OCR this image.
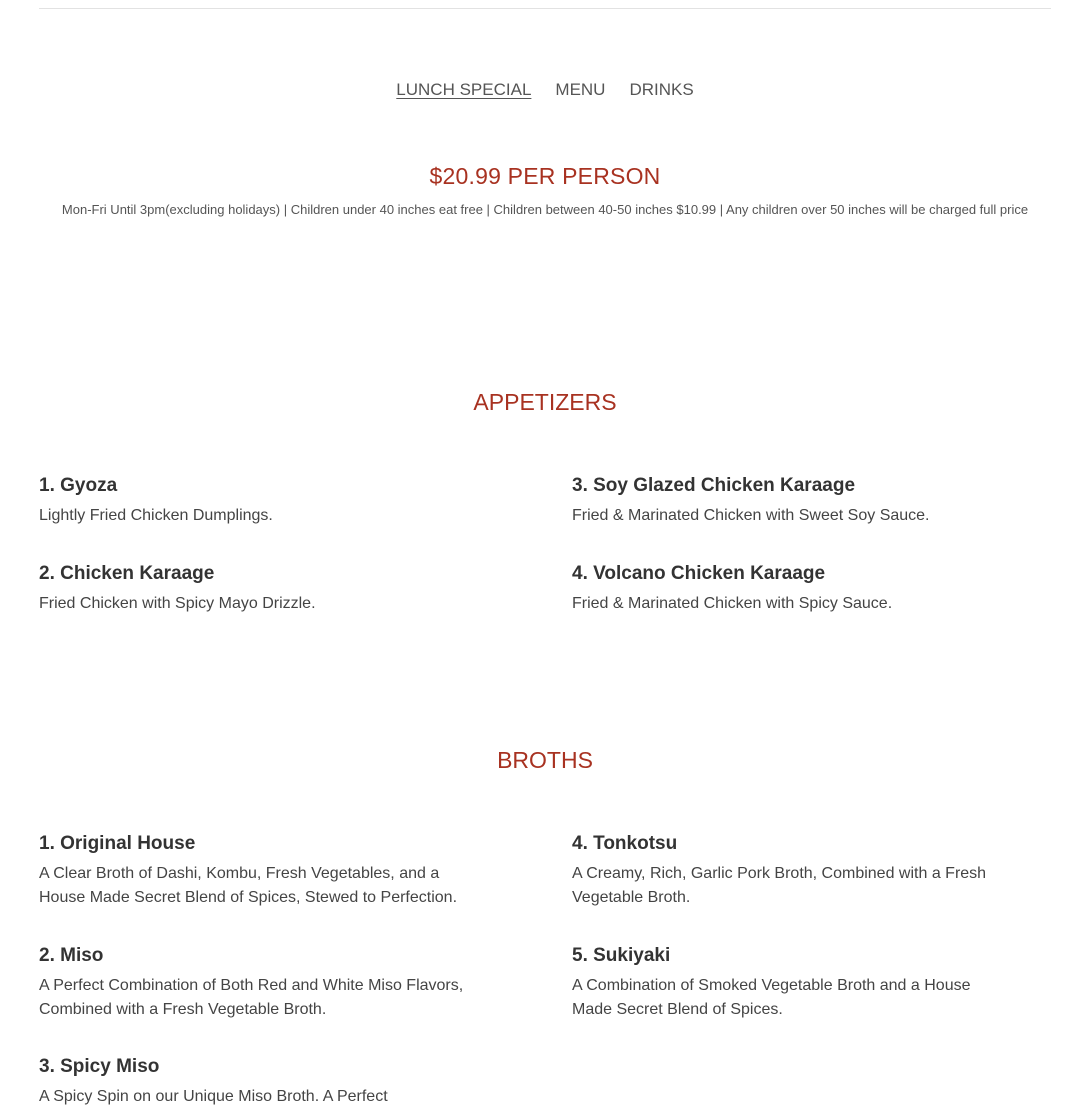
LUNCH SPECIAL MENU DRINKS
$20.99 PER PERSON
Mon-Fri Until 3pm(excluding holidays) | Children under 40 inches eat free | Children between 40-50 inches $10.99 | Any children over 50 inches will be charged full price
APPETIZERS
1. Gyoza
Lightly Fried Chicken Dumplings.
2. Chicken Karaage
Fried Chicken with Spicy Mayo Drizzle.
3. Soy Glazed Chicken Karaage
Fried & Marinated Chicken with Sweet Soy Sauce.
4. Volcano Chicken Karaage
Fried & Marinated Chicken with Spicy Sauce.
BROTHS
1. Original House
A Clear Broth of Dashi, Kombu, Fresh Vegetables, and a House Made Secret Blend of Spices, Stewed to Perfection.
2. Miso
A Perfect Combination of Both Red and White Miso Flavors, Combined with a Fresh Vegetable Broth.
3. Spicy Miso
A Spicy Spin on our Unique Miso Broth. A Perfect
4. Tonkotsu
A Creamy, Rich, Garlic Pork Broth, Combined with a Fresh Vegetable Broth.
5. Sukiyaki
A Combination of Smoked Vegetable Broth and a House Made Secret Blend of Spices.
